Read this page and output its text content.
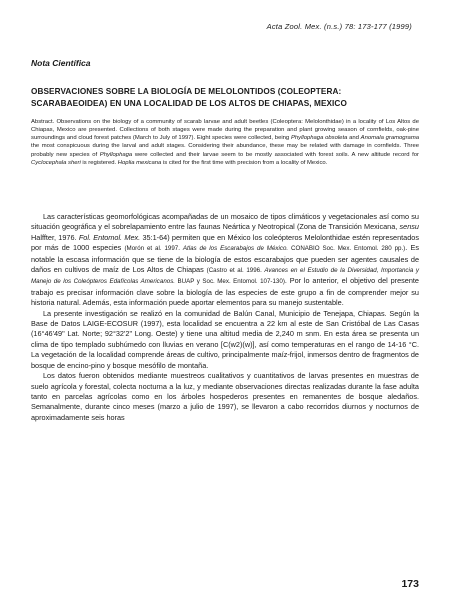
Acta Zool. Mex. (n.s.) 78: 173-177 (1999)
Nota Científica
OBSERVACIONES SOBRE LA BIOLOGÍA DE MELOLONTIDOS (COLEOPTERA: SCARABAEOIDEA) EN UNA LOCALIDAD DE LOS ALTOS DE CHIAPAS, MEXICO
Abstract. Observations on the biology of a community of scarab larvae and adult beetles (Coleoptera: Melolonthidae) in a locality of Los Altos de Chiapas, Mexico are presented. Collections of both stages were made during the preparation and plant growing season of cornfields, oak-pine surroundings and cloud forest patches (March to July of 1997). Eight species were collected, being Phyllophaga obsoleta and Anomala gramograma the most conspicuous during the larval and adult stages. Considering their abundance, these may be related with damage in cornfields. Three probably new species of Phyllophaga were collected and their larvae seem to be mostly associated with forest soils. A new altitude record for Cyclocephala sheri is registered. Hoplia mexicana is cited for the first time with precision from a locality of Mexico.

Las características geomorfológicas acompañadas de un mosaico de tipos climáticos y vegetacionales así como su situación geográfica y el sobrelapamiento entre las faunas Neártica y Neotropical (Zona de Transición Mexicana, sensu Halffter, 1976. Fol. Entomol. Mex. 35:1-64) permiten que en México los coleópteros Melolonthidae estén representados por más de 1000 especies (Morón et al. 1997. Atlas de los Escarabajos de México. CONABIO Soc. Mex. Entomol. 280 pp.). Es notable la escasa información que se tiene de la biología de estos escarabajos que pueden ser agentes causales de daños en cultivos de maíz de Los Altos de Chiapas (Castro et al. 1996. Avances en el Estudio de la Diversidad, Importancia y Manejo de los Coleópteros Edafícolas Americanos. BUAP y Soc. Mex. Entomol. 107-130). Por lo anterior, el objetivo del presente trabajo es precisar información clave sobre la biología de las especies de este grupo a fin de comprender mejor su historia natural. Además, esta información puede aportar elementos para su manejo sustentable.

La presente investigación se realizó en la comunidad de Balún Canal, Municipio de Tenejapa, Chiapas. Según la Base de Datos LAIGE-ECOSUR (1997), esta localidad se encuentra a 22 km al este de San Cristóbal de Las Casas (16°46'49" Lat. Norte; 92°32'2" Long. Oeste) y tiene una altitud media de 2,240 m snm. En esta área se presenta un clima de tipo templado subhúmedo con lluvias en verano [C(w2)(w)], así como temperaturas en el rango de 14-16 °C. La vegetación de la localidad comprende áreas de cultivo, principalmente maíz-frijol, inmersos dentro de fragmentos de bosque de encino-pino y bosque mesófilo de montaña.

Los datos fueron obtenidos mediante muestreos cualitativos y cuantitativos de larvas presentes en muestras de suelo agrícola y forestal, colecta nocturna a la luz, y mediante observaciones directas realizadas durante la fase adulta tanto en parcelas agrícolas como en los árboles hospederos presentes en remanentes de bosque aledaños. Semanalmente, durante cinco meses (marzo a julio de 1997), se llevaron a cabo recorridos diurnos y nocturnos de aproximadamente seis horas

173
